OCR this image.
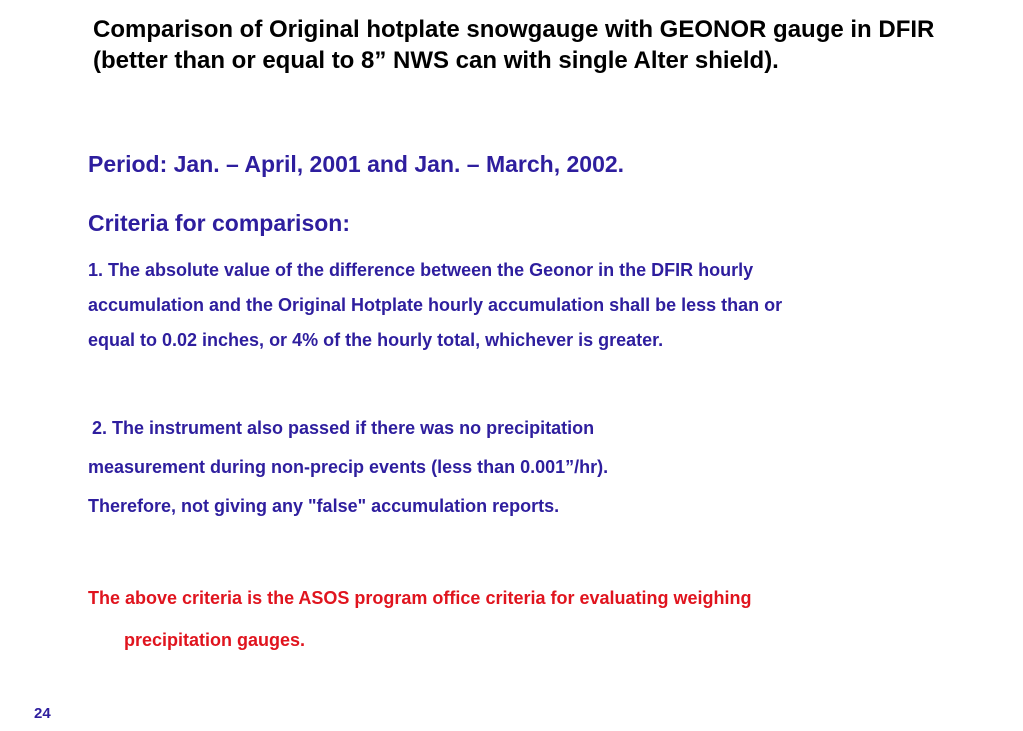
Comparison of Original hotplate snowgauge with GEONOR gauge in DFIR (better than or equal to 8” NWS can with single Alter shield).

Period: Jan. – April, 2001 and Jan. – March, 2002.

Criteria for comparison:

1. The absolute value of the difference between the Geonor in the DFIR hourly
accumulation and the Original Hotplate hourly accumulation shall be less than or
equal to 0.02 inches, or 4% of the hourly total, whichever is greater.
2. The instrument also passed if there was no precipitation
measurement during non-precip events (less than 0.001”/hr).
Therefore, not giving any "false" accumulation reports.
The above criteria is the ASOS program office criteria for evaluating weighing
precipitation gauges.
24
